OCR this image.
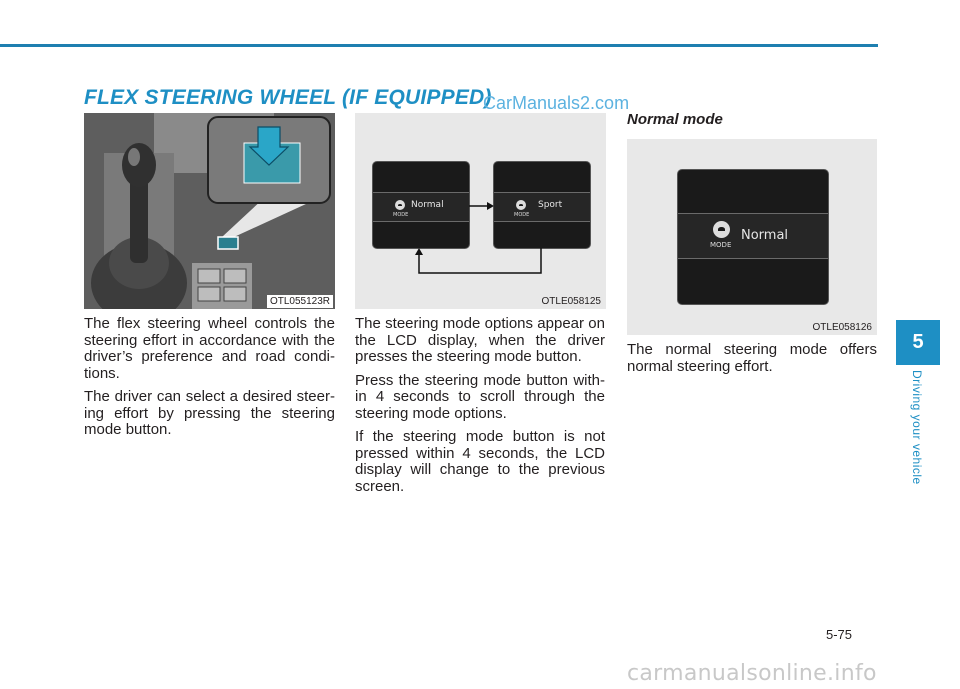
FLEX STEERING WHEEL (IF EQUIPPED)
CarManuals2.com
OTL055123R
MODE
Normal
MODE
Sport
OTLE058125
Normal mode
MODE
Normal
OTLE058126

The flex steering wheel controls the steering effort in accordance with the driver’s preference and road condi- tions.

The driver can select a desired steer- ing effort by pressing the steering mode button.

The steering mode options appear on the LCD display, when the driver presses the steering mode button.

Press the steering mode button with- in 4 seconds to scroll through the steering mode options.

If the steering mode button is not pressed within 4 seconds, the LCD display will change to the previous screen.

The normal steering mode offers normal steering effort.

5
Driving your vehicle
5-75
carmanualsonline.info
